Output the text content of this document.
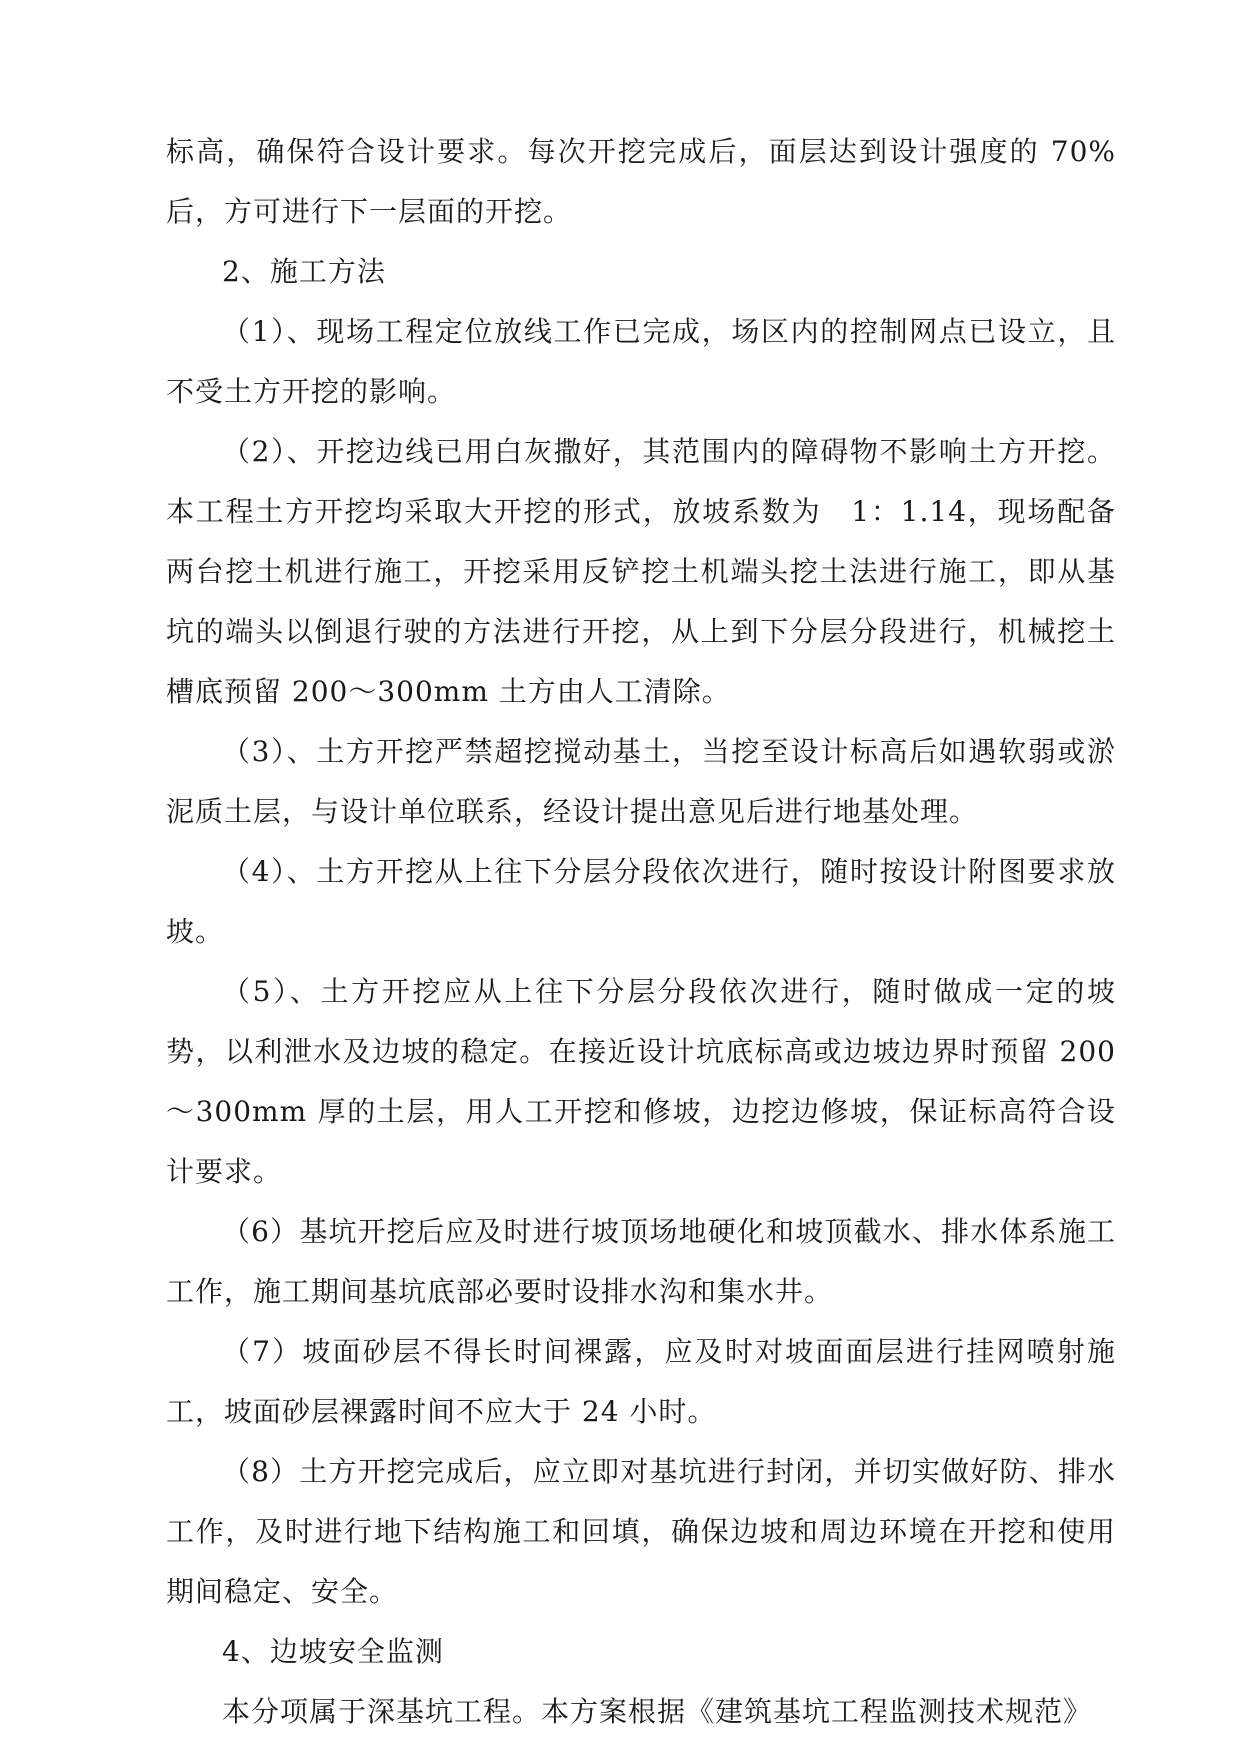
标高，确保符合设计要求。每次开挖完成后，面层达到设计强度的 70%后，方可进行下一层面的开挖。

2、施工方法

（1）、现场工程定位放线工作已完成，场区内的控制网点已设立，且不受土方开挖的影响。

（2）、开挖边线已用白灰撒好，其范围内的障碍物不影响土方开挖。本工程土方开挖均采取大开挖的形式，放坡系数为　1：1.14，现场配备两台挖土机进行施工，开挖采用反铲挖土机端头挖土法进行施工，即从基坑的端头以倒退行驶的方法进行开挖，从上到下分层分段进行，机械挖土槽底预留 200～300mm 土方由人工清除。

（3）、土方开挖严禁超挖搅动基土，当挖至设计标高后如遇软弱或淤泥质土层，与设计单位联系，经设计提出意见后进行地基处理。

（4）、土方开挖从上往下分层分段依次进行，随时按设计附图要求放坡。

（5）、土方开挖应从上往下分层分段依次进行，随时做成一定的坡势，以利泄水及边坡的稳定。在接近设计坑底标高或边坡边界时预留 200～300mm 厚的土层，用人工开挖和修坡，边挖边修坡，保证标高符合设计要求。

（6）基坑开挖后应及时进行坡顶场地硬化和坡顶截水、排水体系施工工作，施工期间基坑底部必要时设排水沟和集水井。

（7）坡面砂层不得长时间裸露，应及时对坡面面层进行挂网喷射施工，坡面砂层裸露时间不应大于 24 小时。

（8）土方开挖完成后，应立即对基坑进行封闭，并切实做好防、排水工作，及时进行地下结构施工和回填，确保边坡和周边环境在开挖和使用期间稳定、安全。

4、边坡安全监测

本分项属于深基坑工程。本方案根据《建筑基坑工程监测技术规范》
